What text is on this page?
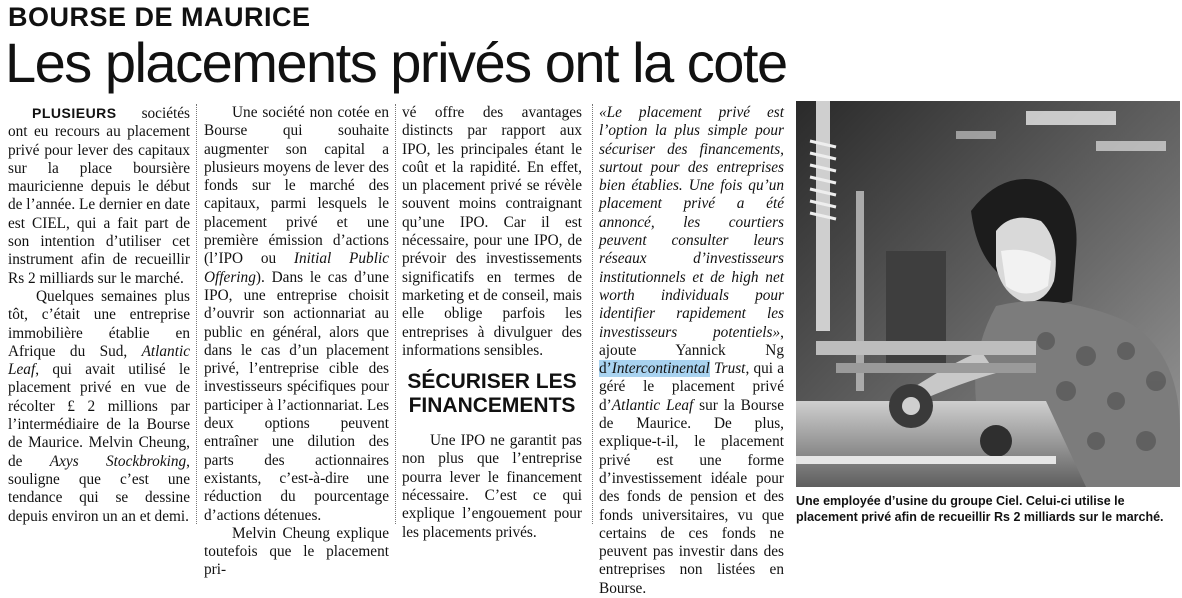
BOURSE DE MAURICE
Les placements privés ont la cote

PLUSIEURS sociétés ont eu recours au placement privé pour lever des capitaux sur la place boursière mauricienne depuis le début de l’année. Le dernier en date est CIEL, qui a fait part de son intention d’utiliser cet instrument afin de recueillir Rs 2 milliards sur le marché.

Quelques semaines plus tôt, c’était une entreprise immobilière établie en Afrique du Sud, Atlantic Leaf, qui avait utilisé le placement privé en vue de récolter £ 2 millions par l’intermédiaire de la Bourse de Maurice. Melvin Cheung, de Axys Stockbroking, souligne que c’est une tendance qui se dessine depuis environ un an et demi.

Une société non cotée en Bourse qui souhaite augmenter son capital a plusieurs moyens de lever des fonds sur le marché des capitaux, parmi lesquels le placement privé et une première émission d’actions (l’IPO ou Initial Public Offering). Dans le cas d’une IPO, une entreprise choisit d’ouvrir son actionnariat au public en général, alors que dans le cas d’un placement privé, l’entreprise cible des investisseurs spécifiques pour participer à l’actionnariat. Les deux options peuvent entraîner une dilution des parts des actionnaires existants, c’est-à-dire une réduction du pourcentage d’actions détenues.

Melvin Cheung explique toutefois que le placement pri-

vé offre des avantages distincts par rapport aux IPO, les principales étant le coût et la rapidité. En effet, un placement privé se révèle souvent moins contraignant qu’une IPO. Car il est nécessaire, pour une IPO, de prévoir des investissements significatifs en termes de marketing et de conseil, mais elle oblige parfois les entreprises à divulguer des informations sensibles.

SÉCURISER LES FINANCEMENTS

Une IPO ne garantit pas non plus que l’entreprise pourra lever le financement nécessaire. C’est ce qui explique l’engouement pour les placements privés.

«Le placement privé est l’option la plus simple pour sécuriser des financements, surtout pour des entreprises bien établies. Une fois qu’un placement privé a été annoncé, les courtiers peuvent consulter leurs réseaux d’investisseurs institutionnels et de high net worth individuals pour identifier rapidement les investisseurs potentiels», ajoute Yannick Ng d’Intercontinental Trust, qui a géré le placement privé d’Atlantic Leaf sur la Bourse de Maurice. De plus, explique-t-il, le placement privé est une forme d’investissement idéale pour des fonds de pension et des fonds universitaires, vu que certains de ces fonds ne peuvent pas investir dans des entreprises non listées en Bourse.

Une employée d’usine du groupe Ciel. Celui-ci utilise le placement privé afin de recueillir Rs 2 milliards sur le marché.
